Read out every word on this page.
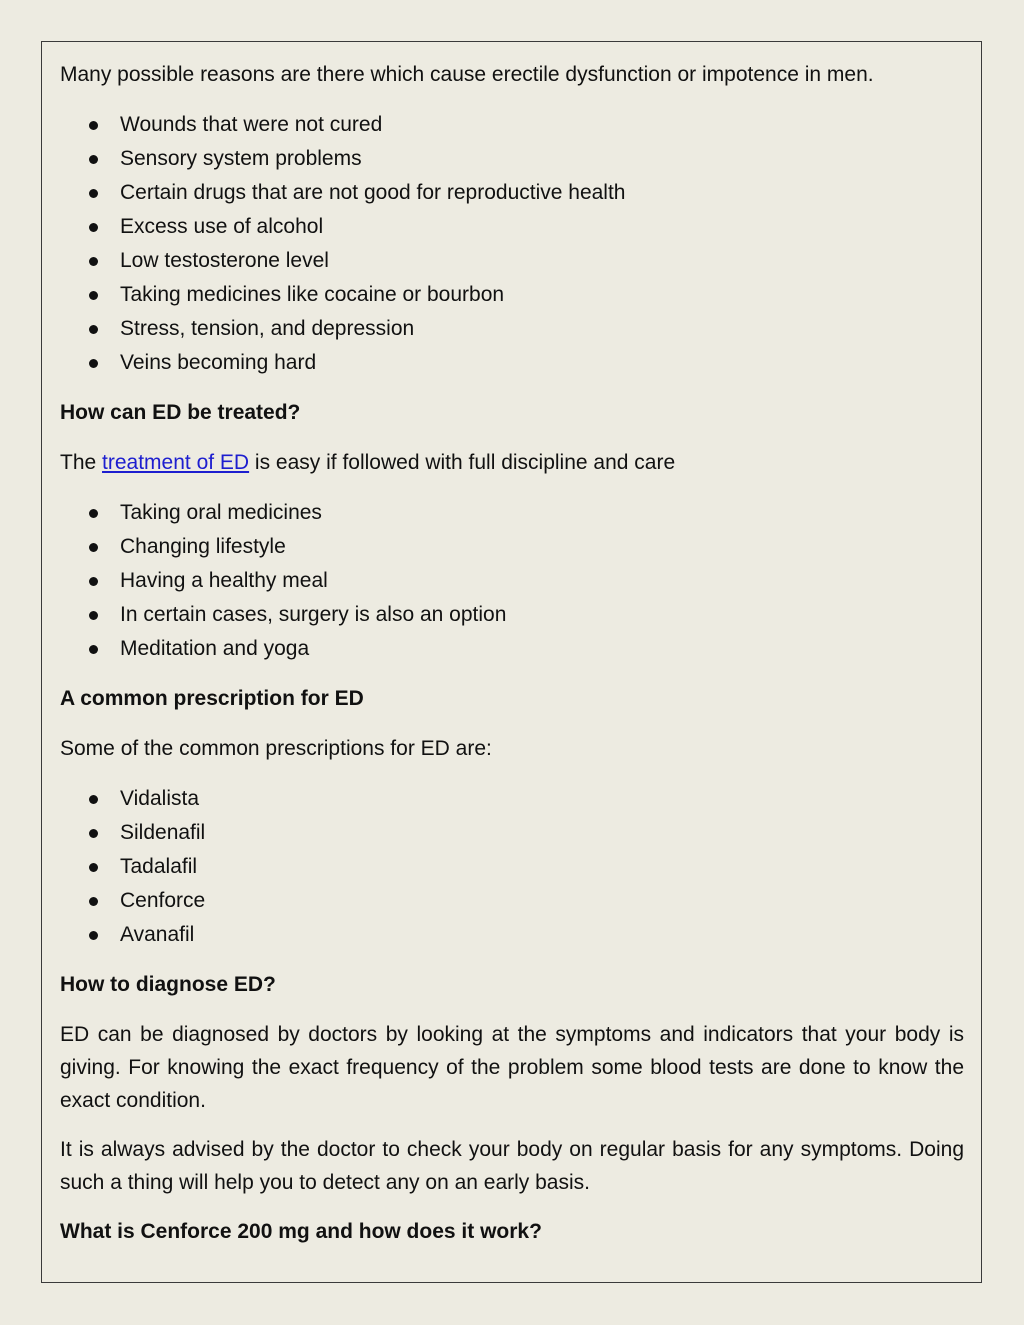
Many possible reasons are there which cause erectile dysfunction or impotence in men.

Wounds that were not cured
Sensory system problems
Certain drugs that are not good for reproductive health
Excess use of alcohol
Low testosterone level
Taking medicines like cocaine or bourbon
Stress, tension, and depression
Veins becoming hard

How can ED be treated?

The treatment of ED is easy if followed with full discipline and care

Taking oral medicines
Changing lifestyle
Having a healthy meal
In certain cases, surgery is also an option
Meditation and yoga

A common prescription for ED

Some of the common prescriptions for ED are:

Vidalista
Sildenafil
Tadalafil
Cenforce
Avanafil

How to diagnose ED?

ED can be diagnosed by doctors by looking at the symptoms and indicators that your body is giving. For knowing the exact frequency of the problem some blood tests are done to know the exact condition.

It is always advised by the doctor to check your body on regular basis for any symptoms. Doing such a thing will help you to detect any on an early basis.

What is Cenforce 200 mg and how does it work?
